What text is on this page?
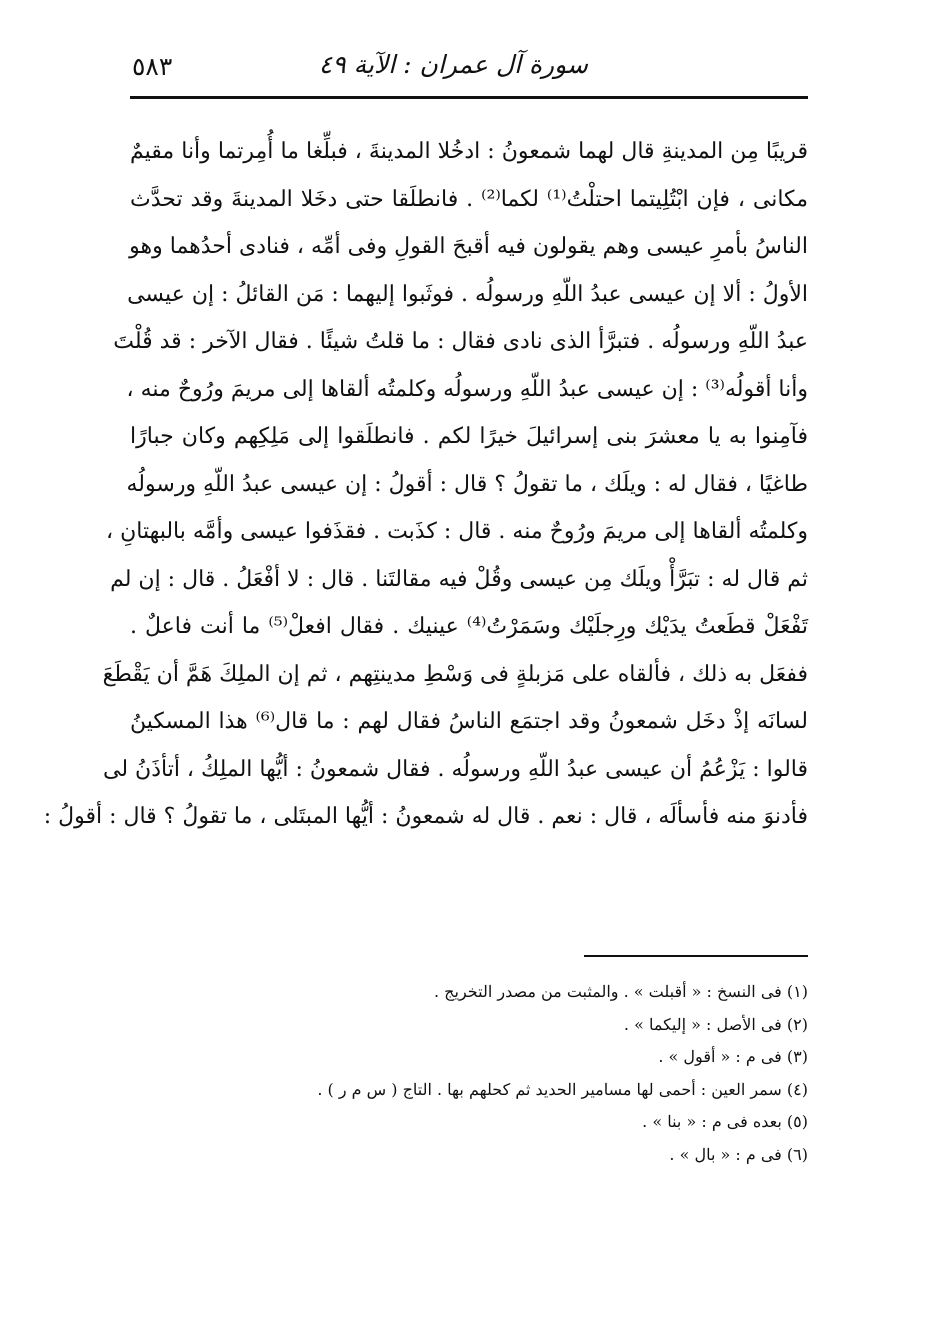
سورة آل عمران : الآية ٤٩
٥٨٣
قريبًا مِن المدينةِ قال لهما شمعونُ : ادخُلا المدينةَ ، فبلِّغا ما أُمِرتما وأنا مقيمٌ
مكانى ، فإن ابْتُلِيتما احتلْتُ⁽¹⁾ لكما⁽²⁾ . فانطلَقا حتى دخَلا المدينةَ وقد تحدَّث
الناسُ بأمرِ عيسى وهم يقولون فيه أقبحَ القولِ وفى أمِّه ، فنادى أحدُهما وهو
الأولُ : ألا إن عيسى عبدُ اللّهِ ورسولُه . فوثَبوا إليهما : مَن القائلُ : إن عيسى
عبدُ اللّهِ ورسولُه . فتبرَّأ الذى نادى فقال : ما قلتُ شيئًا . فقال الآخر : قد قُلْتَ
وأنا أقولُه⁽³⁾ : إن عيسى عبدُ اللّهِ ورسولُه وكلمتُه ألقاها إلى مريمَ ورُوحٌ منه ،
فآمِنوا به يا معشرَ بنى إسرائيلَ خيرًا لكم . فانطلَقوا إلى مَلِكِهم وكان جبارًا
طاغيًا ، فقال له : ويلَك ، ما تقولُ ؟ قال : أقولُ : إن عيسى عبدُ اللّهِ ورسولُه
وكلمتُه ألقاها إلى مريمَ ورُوحٌ منه . قال : كذَبت . فقذَفوا عيسى وأمَّه بالبهتانِ ،
ثم قال له : تبَرَّأْ ويلَك مِن عيسى وقُلْ فيه مقالتَنا . قال : لا أفْعَلُ . قال : إن لم
تَفْعَلْ قطَعتُ يدَيْك ورِجلَيْك وسَمَرْتُ⁽⁴⁾ عينيك . فقال افعلْ⁽⁵⁾ ما أنت فاعلٌ .
ففعَل به ذلك ، فألقاه على مَزبلةٍ فى وَسْطِ مدينتِهم ، ثم إن الملِكَ هَمَّ أن يَقْطَعَ
لسانَه إذْ دخَل شمعونُ وقد اجتمَع الناسُ فقال لهم : ما قال⁽⁶⁾ هذا المسكينُ
قالوا : يَزْعُمُ أن عيسى عبدُ اللّهِ ورسولُه . فقال شمعونُ : أيُّها الملِكُ ، أتأذَنُ لى
فأدنوَ منه فأسألَه ، قال : نعم . قال له شمعونُ : أيُّها المبتَلى ، ما تقولُ ؟ قال : أقولُ :
(١) فى النسخ : « أقبلت » . والمثبت من مصدر التخريج .
(٢) فى الأصل : « إليكما » .
(٣) فى م : « أقول » .
(٤) سمر العين : أحمى لها مسامير الحديد ثم كحلهم بها . التاج ( س م ر ) .
(٥) بعده فى م : « بنا » .
(٦) فى م : « بال » .
